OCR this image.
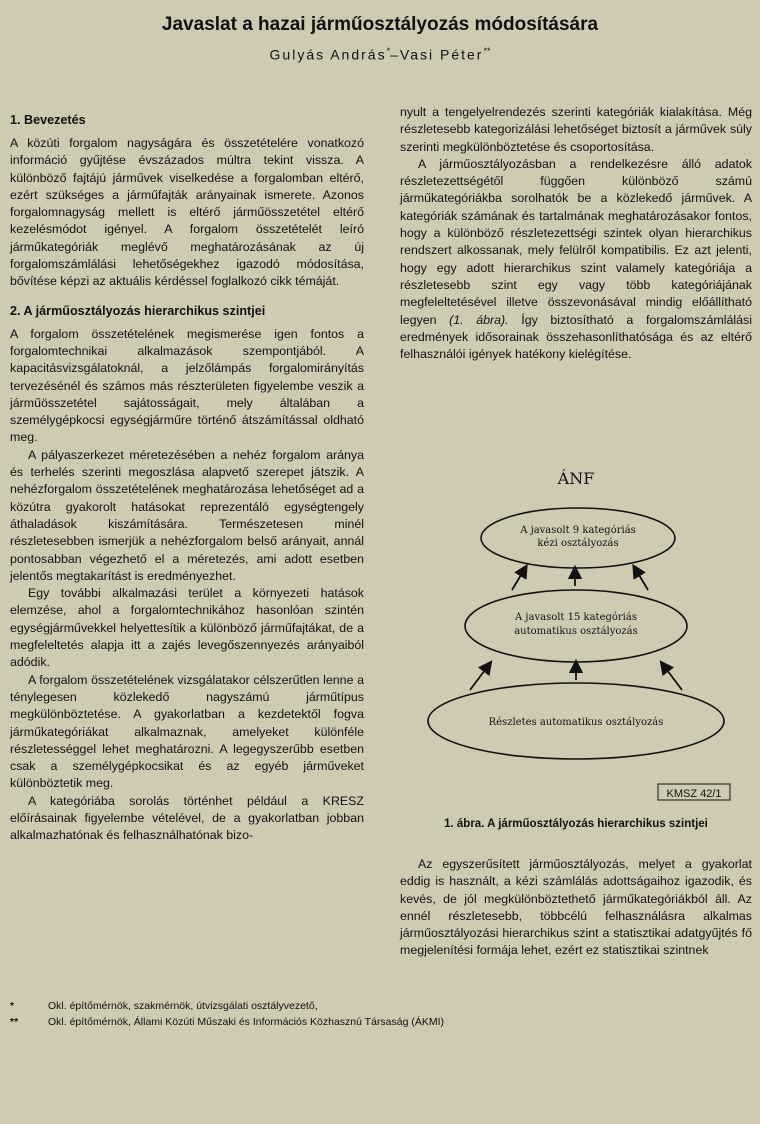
Javaslat a hazai járműosztályozás módosítására
Gulyás András*–Vasi Péter**
1. Bevezetés

A közúti forgalom nagyságára és összetételére vonatkozó információ gyűjtése évszázados múltra tekint vissza. A különböző fajtájú járművek viselkedése a forgalomban eltérő, ezért szükséges a járműfajták arányainak ismerete. Azonos forgalomnagyság mellett is eltérő járműösszetétel eltérő kezelésmódot igényel. A forgalom összetételét leíró járműkategóriák meglévő meghatározásának az új forgalomszámlálási lehetőségekhez igazodó módosítása, bővítése képzi az aktuális kérdéssel foglalkozó cikk témáját.

2. A járműosztályozás hierarchikus szintjei

A forgalom összetételének megismerése igen fontos a forgalomtechnikai alkalmazások szempontjából. A kapacitásvizsgálatoknál, a jelzőlámpás forgalomirányítás tervezésénél és számos más részterületen figyelembe veszik a járműösszetétel sajátosságait, mely általában a személygépkocsi egységjárműre történő átszámítással oldható meg.

A pályaszerkezet méretezésében a nehéz forgalom aránya és terhelés szerinti megoszlása alapvető szerepet játszik. A nehézforgalom összetételének meghatározása lehetőséget ad a közútra gyakorolt hatásokat reprezentáló egységtengely áthaladások kiszámítására. Természetesen minél részletesebben ismerjük a nehézforgalom belső arányait, annál pontosabban végezhető el a méretezés, ami adott esetben jelentős megtakarítást is eredményezhet.

Egy további alkalmazási terület a környezeti hatások elemzése, ahol a forgalomtechnikához hasonlóan szintén egységjárművekkel helyettesítik a különböző járműfajtákat, de a megfeleltetés alapja itt a zajés levegőszennyezés arányaiból adódik.

A forgalom összetételének vizsgálatakor célszerűtlen lenne a ténylegesen közlekedő nagyszámú járműtípus megkülönböztetése. A gyakorlatban a kezdetektől fogva járműkategóriákat alkalmaznak, amelyeket különféle részletességgel lehet meghatározni. A legegyszerűbb esetben csak a személygépkocsikat és az egyéb járműveket különböztetik meg.

A kategóriába sorolás történhet például a KRESZ előírásainak figyelembe vételével, de a gyakorlatban jobban alkalmazhatónak és felhasználhatónak bizo-

nyult a tengelyelrendezés szerinti kategóriák kialakítása. Még részletesebb kategorizálási lehetőséget biztosít a járművek súly szerinti megkülönböztetése és csoportosítása.

A járműosztályozásban a rendelkezésre álló adatok részletezettségétől függően különböző számú járműkategóriákba sorolhatók be a közlekedő járművek. A kategóriák számának és tartalmának meghatározásakor fontos, hogy a különböző részletezettségi szintek olyan hierarchikus rendszert alkossanak, mely felülről kompatibilis. Ez azt jelenti, hogy egy adott hierarchikus szint valamely kategóriája a részletesebb szint egy vagy több kategóriájának megfeleltetésével illetve összevonásával mindig előállítható legyen (1. ábra). Így biztosítható a forgalomszámlálási eredmények idősorainak összehasonlíthatósága és az eltérő felhasználói igények hatékony kielégítése.

ÁNF
A javasolt 9 kategóriás
kézi osztályozás
A javasolt 15 kategóriás
automatikus osztályozás
Részletes automatikus osztályozás
KMSZ 42/1
1. ábra. A járműosztályozás hierarchikus szintjei

Az egyszerűsített járműosztályozás, melyet a gyakorlat eddig is használt, a kézi számlálás adottságaihoz igazodik, és kevés, de jól megkülönböztethető járműkategóriákból áll. Az ennél részletesebb, többcélú felhasználásra alkalmas járműosztályozási hierarchikus szint a statisztikai adatgyűjtés fő megjelenítési formája lehet, ezért ez statisztikai szintnek

*	Okl. építőmérnök, szakmérnök, útvizsgálati osztályvezető,
**	Okl. építőmérnök, Állami Közúti Műszaki és Információs Közhasznú Társaság (ÁKMI)
